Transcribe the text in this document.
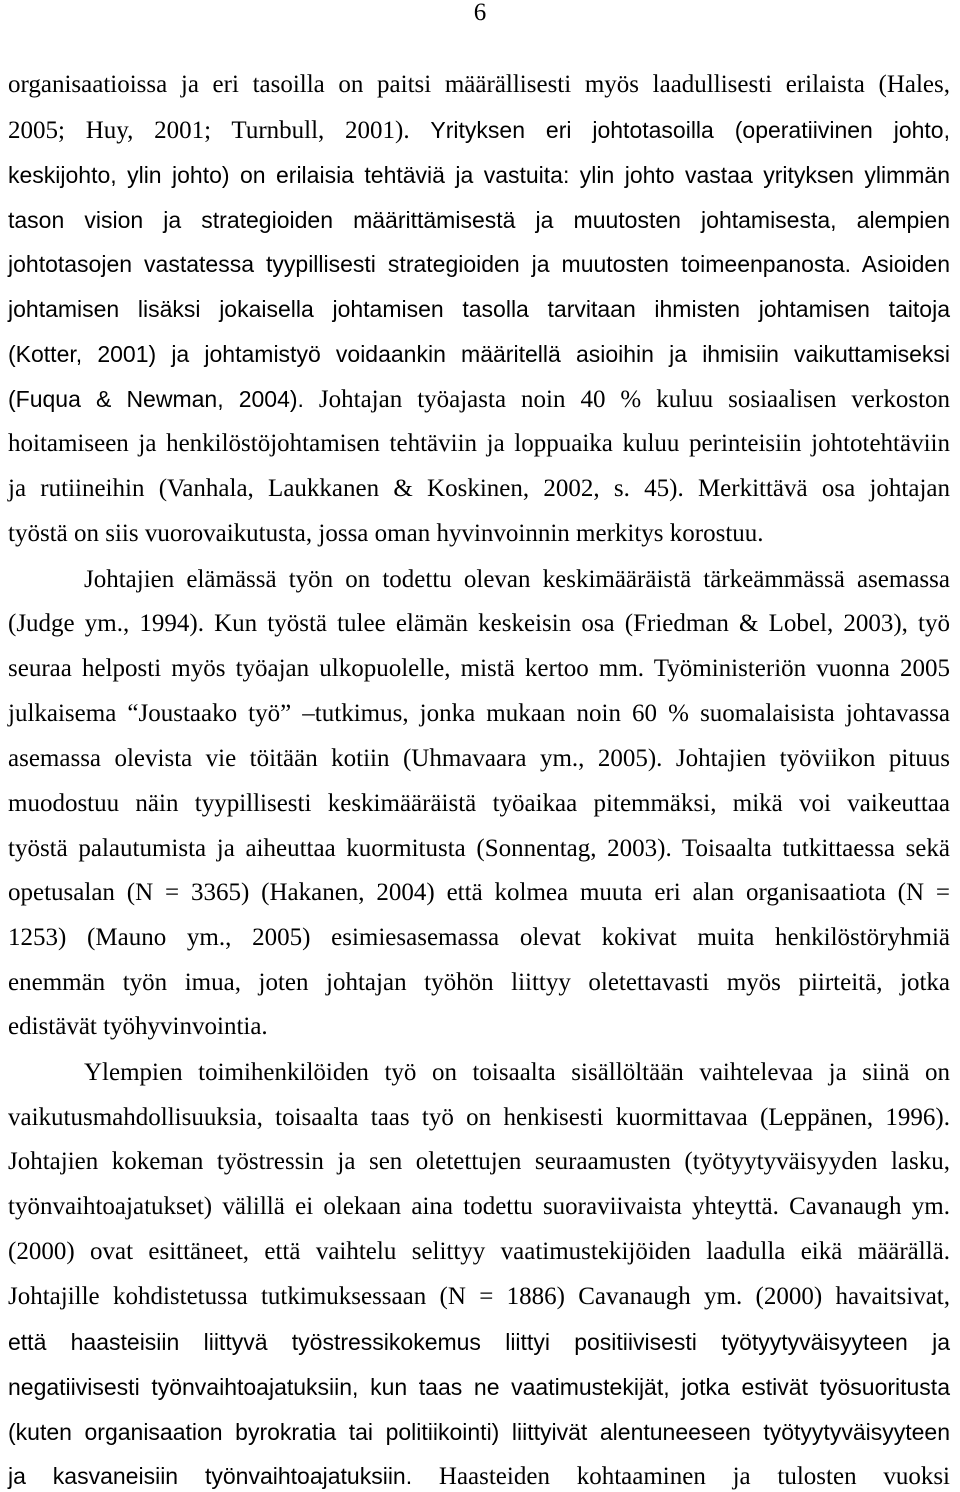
6
organisaatioissa ja eri tasoilla on paitsi määrällisesti myös laadullisesti erilaista (Hales,
2005; Huy, 2001; Turnbull, 2001). Yrityksen eri johtotasoilla (operatiivinen johto,
keskijohto, ylin johto) on erilaisia tehtäviä ja vastuita: ylin johto vastaa yrityksen ylimmän
tason vision ja strategioiden määrittämisestä ja muutosten johtamisesta, alempien
johtotasojen vastatessa tyypillisesti strategioiden ja muutosten toimeenpanosta. Asioiden
johtamisen lisäksi jokaisella johtamisen tasolla tarvitaan ihmisten johtamisen taitoja
(Kotter, 2001) ja johtamistyö voidaankin määritellä asioihin ja ihmisiin vaikuttamiseksi
(Fuqua & Newman, 2004). Johtajan työajasta noin 40 % kuluu sosiaalisen verkoston
hoitamiseen ja henkilöstöjohtamisen tehtäviin ja loppuaika kuluu perinteisiin johtotehtäviin
ja rutiineihin (Vanhala, Laukkanen & Koskinen, 2002, s. 45). Merkittävä osa johtajan
työstä on siis vuorovaikutusta, jossa oman hyvinvoinnin merkitys korostuu.
Johtajien elämässä työn on todettu olevan keskimääräistä tärkeämmässä asemassa
(Judge ym., 1994). Kun työstä tulee elämän keskeisin osa (Friedman & Lobel, 2003), työ
seuraa helposti myös työajan ulkopuolelle, mistä kertoo mm. Työministeriön vuonna 2005
julkaisema “Joustaako työ” –tutkimus, jonka mukaan noin 60 % suomalaisista johtavassa
asemassa olevista vie töitään kotiin (Uhmavaara ym., 2005). Johtajien työviikon pituus
muodostuu näin tyypillisesti keskimääräistä työaikaa pitemmäksi, mikä voi vaikeuttaa
työstä palautumista ja aiheuttaa kuormitusta (Sonnentag, 2003). Toisaalta tutkittaessa sekä
opetusalan (N = 3365) (Hakanen, 2004) että kolmea muuta eri alan organisaatiota (N =
1253) (Mauno ym., 2005) esimiesasemassa olevat kokivat muita henkilöstöryhmiä
enemmän työn imua, joten johtajan työhön liittyy oletettavasti myös piirteitä, jotka
edistävät työhyvinvointia.
Ylempien toimihenkilöiden työ on toisaalta sisällöltään vaihtelevaa ja siinä on
vaikutusmahdollisuuksia, toisaalta taas työ on henkisesti kuormittavaa (Leppänen, 1996).
Johtajien kokeman työstressin ja sen oletettujen seuraamusten (työtyytyväisyyden lasku,
työnvaihtoajatukset) välillä ei olekaan aina todettu suoraviivaista yhteyttä. Cavanaugh ym.
(2000) ovat esittäneet, että vaihtelu selittyy vaatimustekijöiden laadulla eikä määrällä.
Johtajille kohdistetussa tutkimuksessaan (N = 1886) Cavanaugh ym. (2000) havaitsivat,
että haasteisiin liittyvä työstressikokemus liittyi positiivisesti työtyytyväisyyteen ja
negatiivisesti työnvaihtoajatuksiin, kun taas ne vaatimustekijät, jotka estivät työsuoritusta
(kuten organisaation byrokratia tai politiikointi) liittyivät alentuneeseen työtyytyväisyyteen
ja kasvaneisiin työnvaihtoajatuksiin. Haasteiden kohtaaminen ja tulosten vuoksi
